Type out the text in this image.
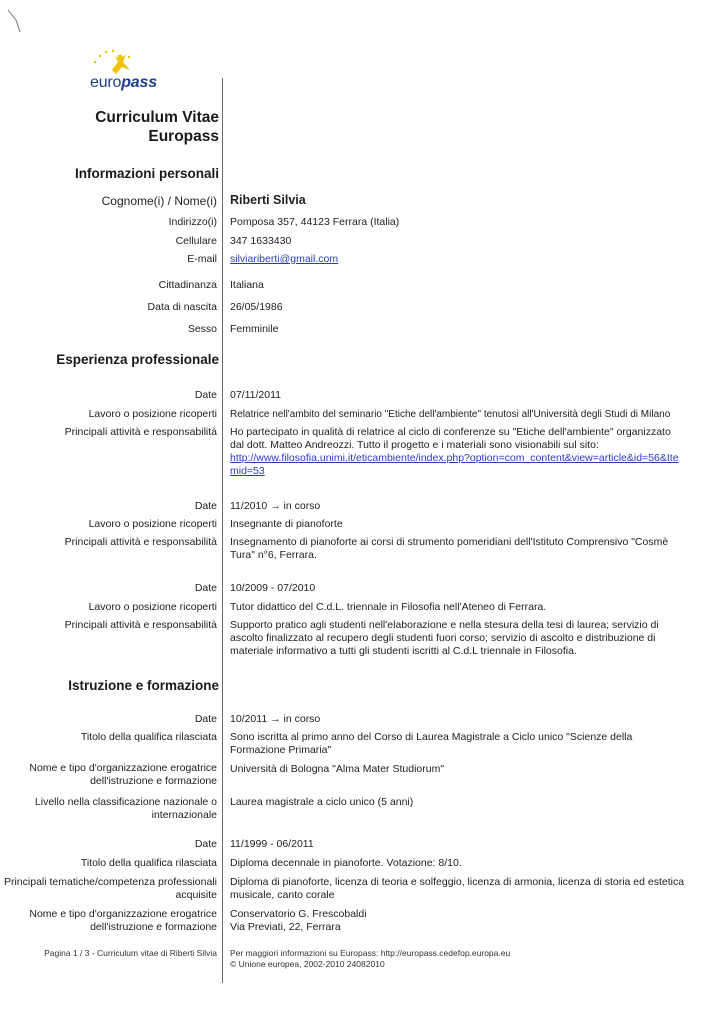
europass
Curriculum Vitae
Europass
Informazioni personali
Cognome(i) / Nome(i) Riberti Silvia
Indirizzo(i) Pomposa 357, 44123 Ferrara (Italia)
Cellulare 347 1633430
E-mail silviariberti@gmail.com
Cittadinanza Italiana
Data di nascita 26/05/1986
Sesso Femminile
Esperienza professionale
Date 07/11/2011
Lavoro o posizione ricoperti Relatrice nell'ambito del seminario "Etiche dell'ambiente" tenutosi all'Università degli Studi di Milano
Principali attività e responsabilità Ho partecipato in qualità di relatrice al ciclo di conferenze su "Etiche dell'ambiente" organizzato dal dott. Matteo Andreozzi. Tutto il progetto e i materiali sono visionabili sul sito:
http://www.filosofia.unimi.it/eticambiente/index.php?option=com_content&view=article&id=56&Itemid=53
Date 11/2010 → in corso
Lavoro o posizione ricoperti Insegnante di pianoforte
Principali attività e responsabilità Insegnamento di pianoforte ai corsi di strumento pomeridiani dell'Istituto Comprensivo "Cosmè Tura" n°6, Ferrara.
Date 10/2009 - 07/2010
Lavoro o posizione ricoperti Tutor didattico del C.d.L. triennale in Filosofia nell'Ateneo di Ferrara.
Principali attività e responsabilità Supporto pratico agli studenti nell'elaborazione e nella stesura della tesi di laurea; servizio di ascolto finalizzato al recupero degli studenti fuori corso; servizio di ascolto e distribuzione di materiale informativo a tutti gli studenti iscritti al C.d.L triennale in Filosofia.
Istruzione e formazione
Date 10/2011 → in corso
Titolo della qualifica rilasciata Sono iscritta al primo anno del Corso di Laurea Magistrale a Ciclo unico "Scienze della Formazione Primaria"
Nome e tipo d'organizzazione erogatrice dell'istruzione e formazione
Università di Bologna "Alma Mater Studiorum"
Livello nella classificazione nazionale o internazionale
Laurea magistrale a ciclo unico (5 anni)
Date 11/1999 - 06/2011
Titolo della qualifica rilasciata Diploma decennale in pianoforte. Votazione: 8/10.
Principali tematiche/competenza professionali acquisite
Diploma di pianoforte, licenza di teoria e solfeggio, licenza di armonia, licenza di storia ed estetica musicale, canto corale
Nome e tipo d'organizzazione erogatrice dell'istruzione e formazione
Conservatorio G. Frescobaldi
Via Previati, 22, Ferrara
Pagina 1 / 3 - Curriculum vitae di Riberti Silvia Per maggiori informazioni su Europass: http://europass.cedefop.europa.eu
© Unione europea, 2002-2010 24082010
